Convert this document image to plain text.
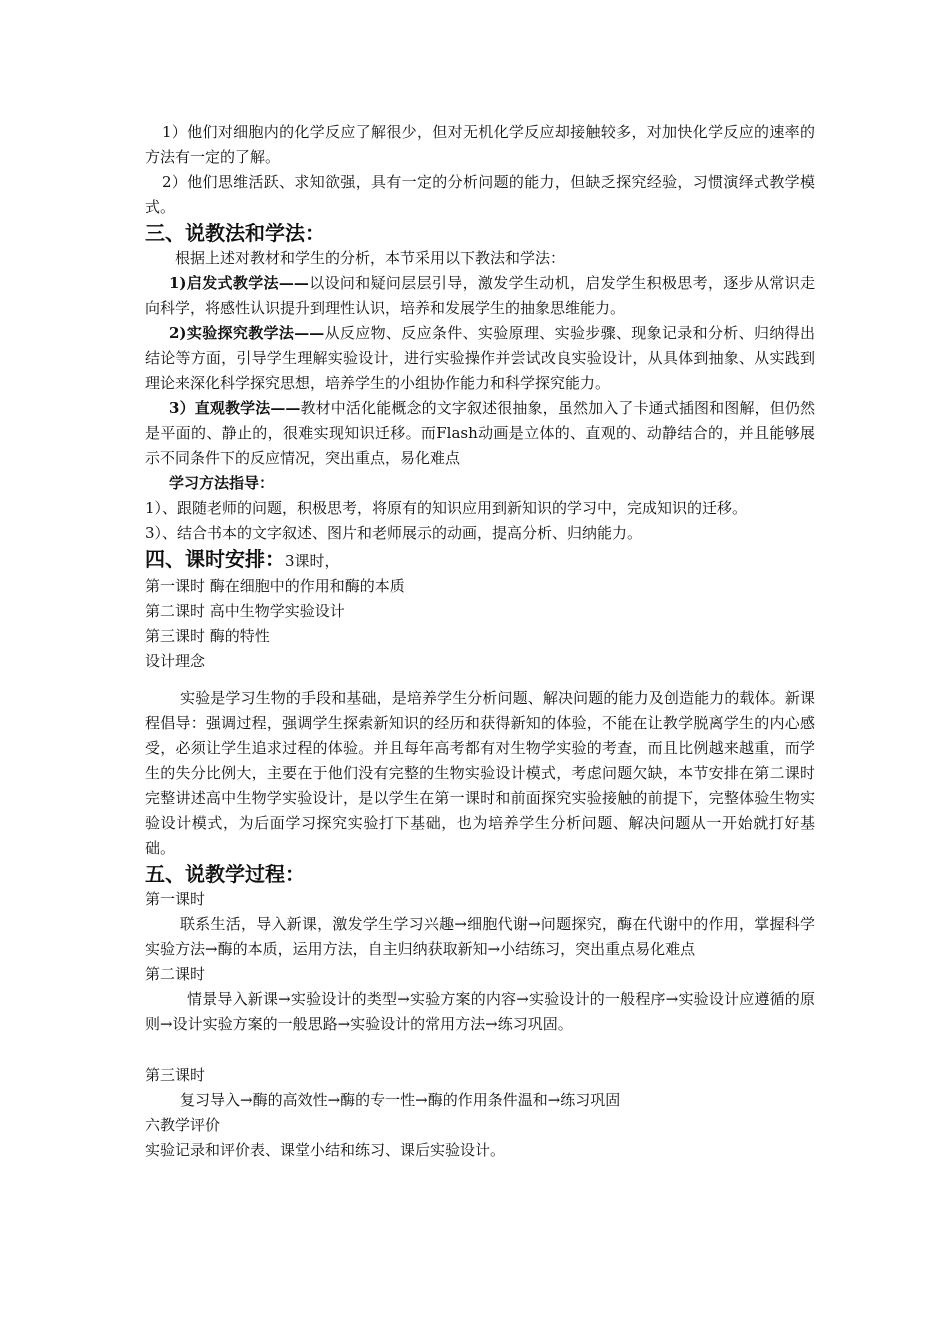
1）他们对细胞内的化学反应了解很少，但对无机化学反应却接触较多，对加快化学反应的速率的方法有一定的了解。

2）他们思维活跃、求知欲强，具有一定的分析问题的能力，但缺乏探究经验，习惯演绎式教学模式。

三、说教法和学法：

根据上述对教材和学生的分析，本节采用以下教法和学法：

1)启发式教学法——以设问和疑问层层引导，激发学生动机，启发学生积极思考，逐步从常识走向科学，将感性认识提升到理性认识，培养和发展学生的抽象思维能力。

2)实验探究教学法——从反应物、反应条件、实验原理、实验步骤、现象记录和分析、归纳得出结论等方面，引导学生理解实验设计，进行实验操作并尝试改良实验设计，从具体到抽象、从实践到理论来深化科学探究思想，培养学生的小组协作能力和科学探究能力。

3）直观教学法——教材中活化能概念的文字叙述很抽象，虽然加入了卡通式插图和图解，但仍然是平面的、静止的，很难实现知识迁移。而Flash动画是立体的、直观的、动静结合的，并且能够展示不同条件下的反应情况，突出重点，易化难点

学习方法指导：

1）、跟随老师的问题，积极思考，将原有的知识应用到新知识的学习中，完成知识的迁移。

3）、结合书本的文字叙述、图片和老师展示的动画，提高分析、归纳能力。

四、课时安排：3课时，

第一课时 酶在细胞中的作用和酶的本质

第二课时 高中生物学实验设计

第三课时 酶的特性

设计理念

实验是学习生物的手段和基础，是培养学生分析问题、解决问题的能力及创造能力的载体。新课程倡导：强调过程，强调学生探索新知识的经历和获得新知的体验，不能在让教学脱离学生的内心感受，必须让学生追求过程的体验。并且每年高考都有对生物学实验的考查，而且比例越来越重，而学生的失分比例大，主要在于他们没有完整的生物实验设计模式，考虑问题欠缺，本节安排在第二课时完整讲述高中生物学实验设计，是以学生在第一课时和前面探究实验接触的前提下，完整体验生物实验设计模式，为后面学习探究实验打下基础，也为培养学生分析问题、解决问题从一开始就打好基础。

五、说教学过程：

第一课时

联系生活，导入新课，激发学生学习兴趣→细胞代谢→问题探究，酶在代谢中的作用，掌握科学实验方法→酶的本质，运用方法，自主归纳获取新知→小结练习，突出重点易化难点

第二课时

情景导入新课→实验设计的类型→实验方案的内容→实验设计的一般程序→实验设计应遵循的原则→设计实验方案的一般思路→实验设计的常用方法→练习巩固。

第三课时

复习导入→酶的高效性→酶的专一性→酶的作用条件温和→练习巩固

六教学评价

实验记录和评价表、课堂小结和练习、课后实验设计。
